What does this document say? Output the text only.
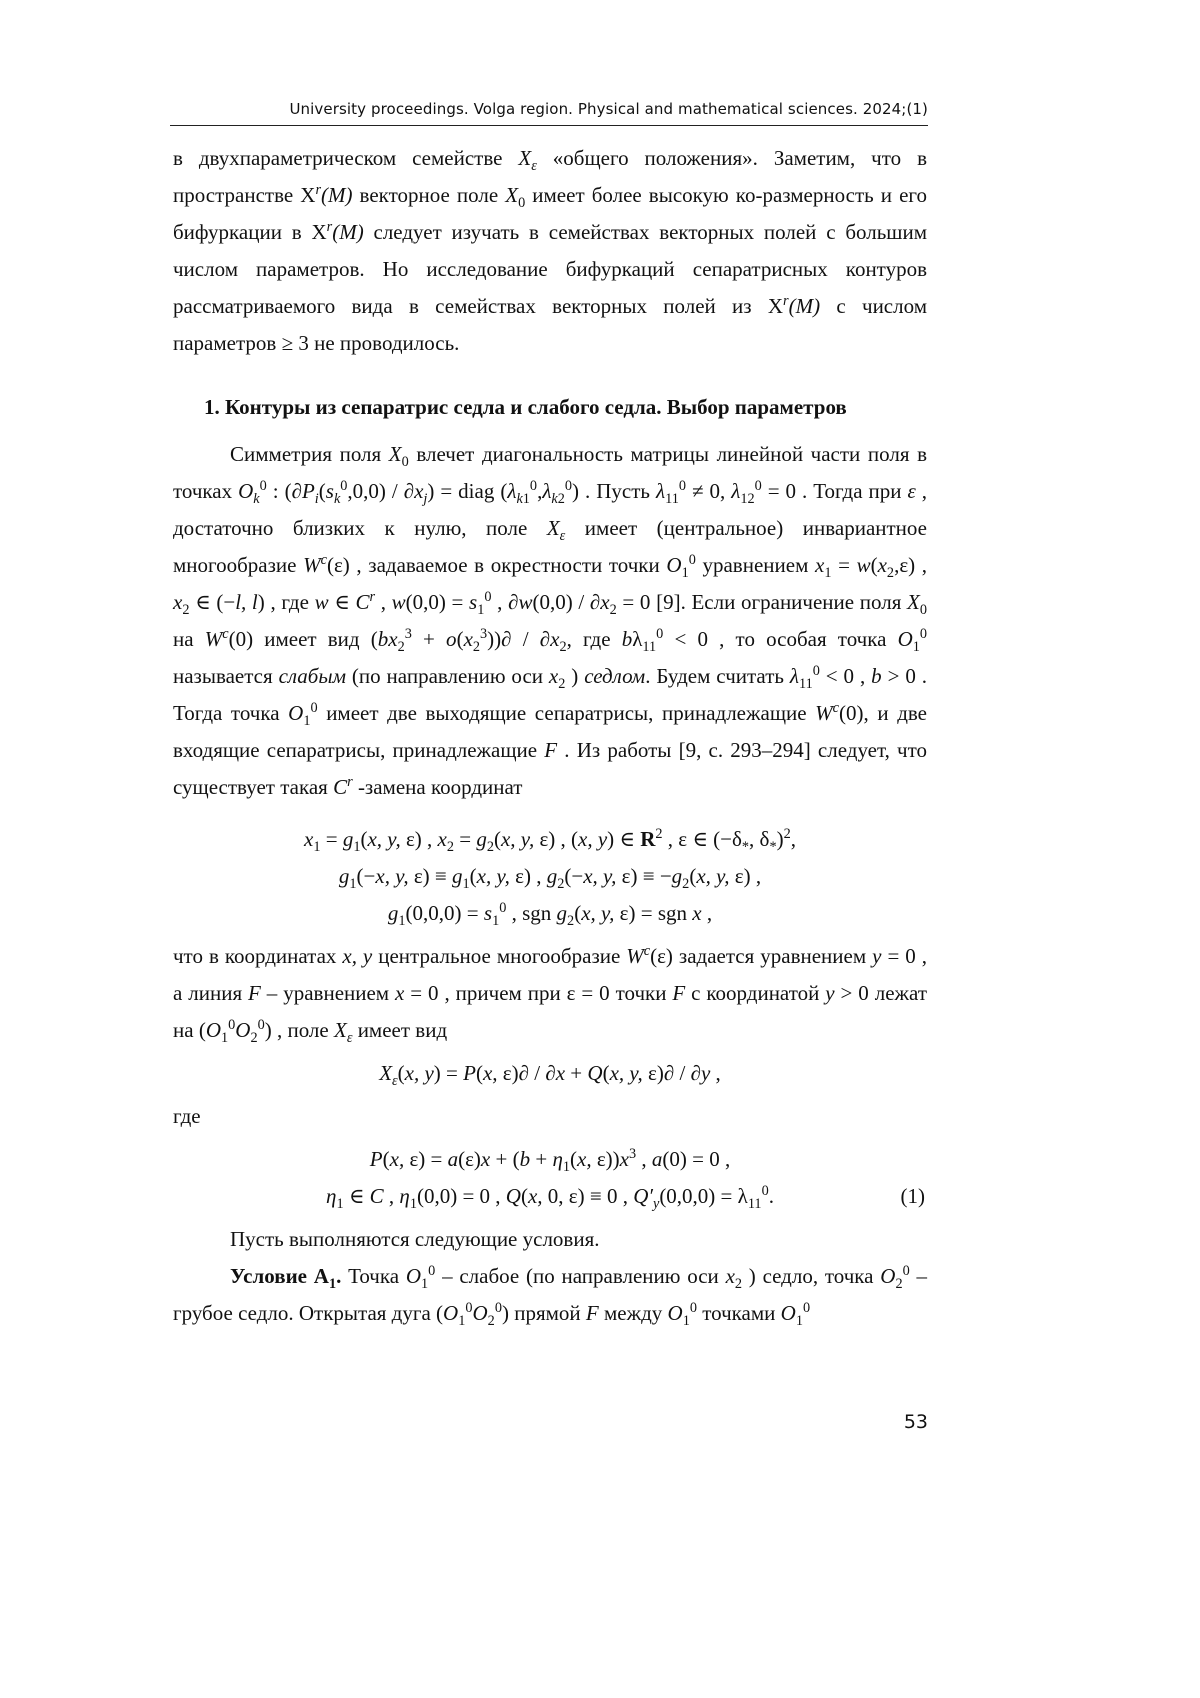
University proceedings. Volga region. Physical and mathematical sciences. 2024;(1)

в двухпараметрическом семействе $X_\varepsilon$ «общего положения». Заметим, что в пространстве $X^r(M)$ векторное поле $X_0$ имеет более высокую ко-размерность и его бифуркации в $X^r(M)$ следует изучать в семействах векторных полей с большим числом параметров. Но исследование бифуркаций сепаратрисных контуров рассматриваемого вида в семействах векторных полей из $X^r(M)$ с числом параметров ≥ 3 не проводилось.

1. Контуры из сепаратрис седла и слабого седла. Выбор параметров

Симметрия поля $X_0$ влечет диагональность матрицы линейной части поля в точках $O_k^0$ : $(\partial P_i(s_k^0,0,0) / \partial x_j)$ = diag $(\lambda_{k1}^0,\lambda_{k2}^0)$ . Пусть $\lambda_{11}^0 \ne 0$, $\lambda_{12}^0 = 0$ . Тогда при ε , достаточно близких к нулю, поле $X_\varepsilon$ имеет (центральное) инвариантное многообразие $W^c(\varepsilon)$ , задаваемое в окрестности точки $O_1^0$ уравнением $x_1 = w(x_2,\varepsilon)$ , $x_2$ ∈ (−l, l) , где w ∈ $C^r$ , $w(0,0) = s_1^0$ , $\partial w(0,0) / \partial x_2 = 0$ [9]. Если ограничение поля $X_0$ на $W^c(0)$ имеет вид $(bx_2^3 + o(x_2^3))\partial / \partial x_2$, где $b\lambda_{11}^0 < 0$ , то особая точка $O_1^0$ называется слабым (по направлению оси $x_2$ ) седлом. Будем считать $\lambda_{11}^0 < 0$ , b > 0 . Тогда точка $O_1^0$ имеет две выходящие сепаратрисы, принадлежащие $W^c(0)$, и две входящие сепаратрисы, принадлежащие F . Из работы [9, с. 293–294] следует, что существует такая $C^r$ -замена координат

$x_1 = g_1(x$, y, ε) , $x_2 = g_2(x$, y, ε) , (x, y) ∈ $R^2$ , ε ∈ ($-\delta_*$, $\delta_*)^2$,

$g_1(-x$, y, $\varepsilon) \equiv g_1(x$, y, ε) , $g_2(-x$, y, $\varepsilon) \equiv -g_2(x$, y, ε) ,

$g_1(0,0,0) = s_1^0$ , sgn $g_2(x$, y, ε) = sgn x ,

что в координатах x, y центральное многообразие $W^c(\varepsilon)$ задается уравнением y = 0 , а линия F – уравнением x = 0 , причем при ε = 0 точки F с координатой y > 0 лежат на $(O_1^0O_2^0)$ , поле $X_\varepsilon$ имеет вид

$X_\varepsilon(x$, y) = P(x, ε)∂ / ∂x + Q(x, y, ε)∂ / ∂y ,

где

P(x, $\varepsilon) = a(\varepsilon)x + (b + \eta_1(x$, $\varepsilon))x^3$ , a(0) = 0 ,

$\eta_1$ ∈ C , $\eta_1(0,0) = 0$ , Q(x, 0, ε) ≡ 0 , $Q'_y(0,0,0) = \lambda_{11}^0$.	(1)

Пусть выполняются следующие условия.

Условие $A_1$. Точка $O_1^0$ – слабое (по направлению оси $x_2$ ) седло, точка $O_2^0$ – грубое седло. Открытая дуга $(O_1^0O_2^0)$ прямой F между $O_1^0$ точками $O_1^0$

53
